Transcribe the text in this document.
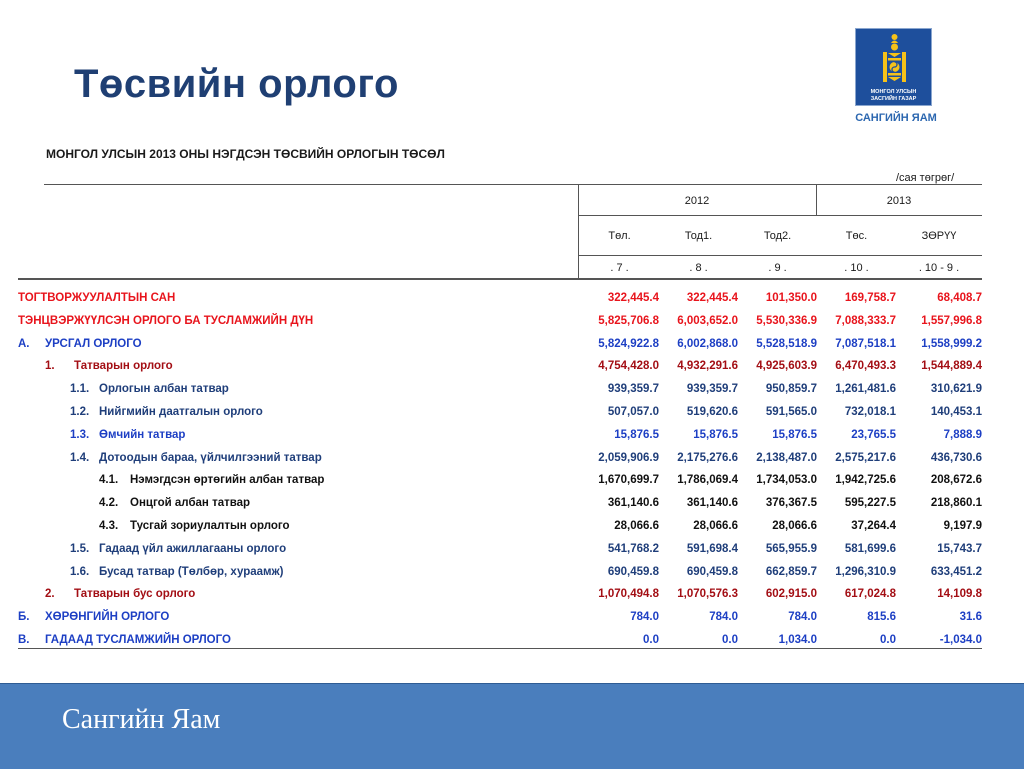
Төсвийн орлого	МОНГОЛ УЛСЫН
ЗАСГИЙН ГАЗАР
САНГИЙН ЯАМ
МОНГОЛ УЛСЫН 2013 ОНЫ НЭГДСЭН ТӨСВИЙН ОРЛОГЫН ТӨСӨЛ
/сая төгрөг/
2012	2013
Төл.	Тод1.	Тод2.	Төс.	ЗӨРҮҮ
. 7 .	. 8 .	. 9 .	. 10 .	. 10 - 9 .
ТОГТВОРЖУУЛАЛТЫН САН	322,445.4	322,445.4	101,350.0	169,758.7	68,408.7
ТЭНЦВЭРЖҮҮЛСЭН ОРЛОГО БА ТУСЛАМЖИЙН ДҮН	5,825,706.8	6,003,652.0	5,530,336.9	7,088,333.7	1,557,996.8
A. УРСГАЛ ОРЛОГО	5,824,922.8	6,002,868.0	5,528,518.9	7,087,518.1	1,558,999.2
1. Татварын орлого	4,754,428.0	4,932,291.6	4,925,603.9	6,470,493.3	1,544,889.4
1.1. Орлогын албан татвар	939,359.7	939,359.7	950,859.7	1,261,481.6	310,621.9
1.2. Нийгмийн даатгалын орлого	507,057.0	519,620.6	591,565.0	732,018.1	140,453.1
1.3. Өмчийн татвар	15,876.5	15,876.5	15,876.5	23,765.5	7,888.9
1.4. Дотоодын бараа, үйлчилгээний татвар	2,059,906.9	2,175,276.6	2,138,487.0	2,575,217.6	436,730.6
4.1. Нэмэгдсэн өртөгийн албан татвар	1,670,699.7	1,786,069.4	1,734,053.0	1,942,725.6	208,672.6
4.2. Онцгой албан татвар	361,140.6	361,140.6	376,367.5	595,227.5	218,860.1
4.3. Тусгай зориулалтын орлого	28,066.6	28,066.6	28,066.6	37,264.4	9,197.9
1.5. Гадаад үйл ажиллагааны орлого	541,768.2	591,698.4	565,955.9	581,699.6	15,743.7
1.6. Бусад татвар (Төлбөр, хураамж)	690,459.8	690,459.8	662,859.7	1,296,310.9	633,451.2
2. Татварын бус орлого	1,070,494.8	1,070,576.3	602,915.0	617,024.8	14,109.8
Б. ХӨРӨНГИЙН ОРЛОГО	784.0	784.0	784.0	815.6	31.6
В. ГАДААД ТУСЛАМЖИЙН ОРЛОГО	0.0	0.0	1,034.0	0.0	-1,034.0
Сангийн Яам
